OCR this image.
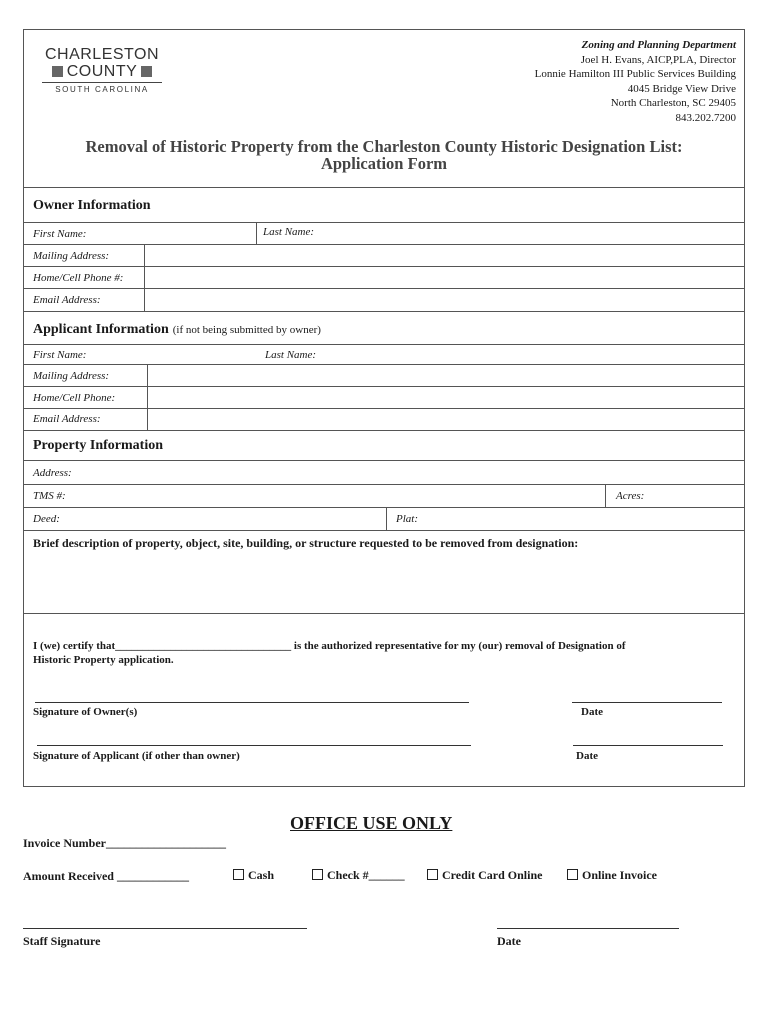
CHARLESTON
COUNTY
SOUTH CAROLINA
Zoning and Planning Department
Joel H. Evans, AICP,PLA, Director
Lonnie Hamilton III Public Services Building
4045 Bridge View Drive
North Charleston, SC 29405
843.202.7200
Removal of Historic Property from the Charleston County Historic Designation List:
Application Form
Owner Information
First Name:	Last Name:
Mailing Address:
Home/Cell Phone #:
Email Address:
Applicant Information (if not being submitted by owner)
First Name:	Last Name:
Mailing Address:
Home/Cell Phone:
Email Address:
Property Information
Address:
TMS #:	Acres:
Deed:	Plat:
Brief description of property, object, site, building, or structure requested to be removed from designation:
I (we) certify that________________________________ is the authorized representative for my (our) removal of Designation of
Historic Property application.
Signature of Owner(s)	Date
Signature of Applicant (if other than owner)	Date
OFFICE USE ONLY
Invoice Number____________________
Amount Received ____________	Cash	Check #______	Credit Card Online	Online Invoice
Staff Signature	Date
